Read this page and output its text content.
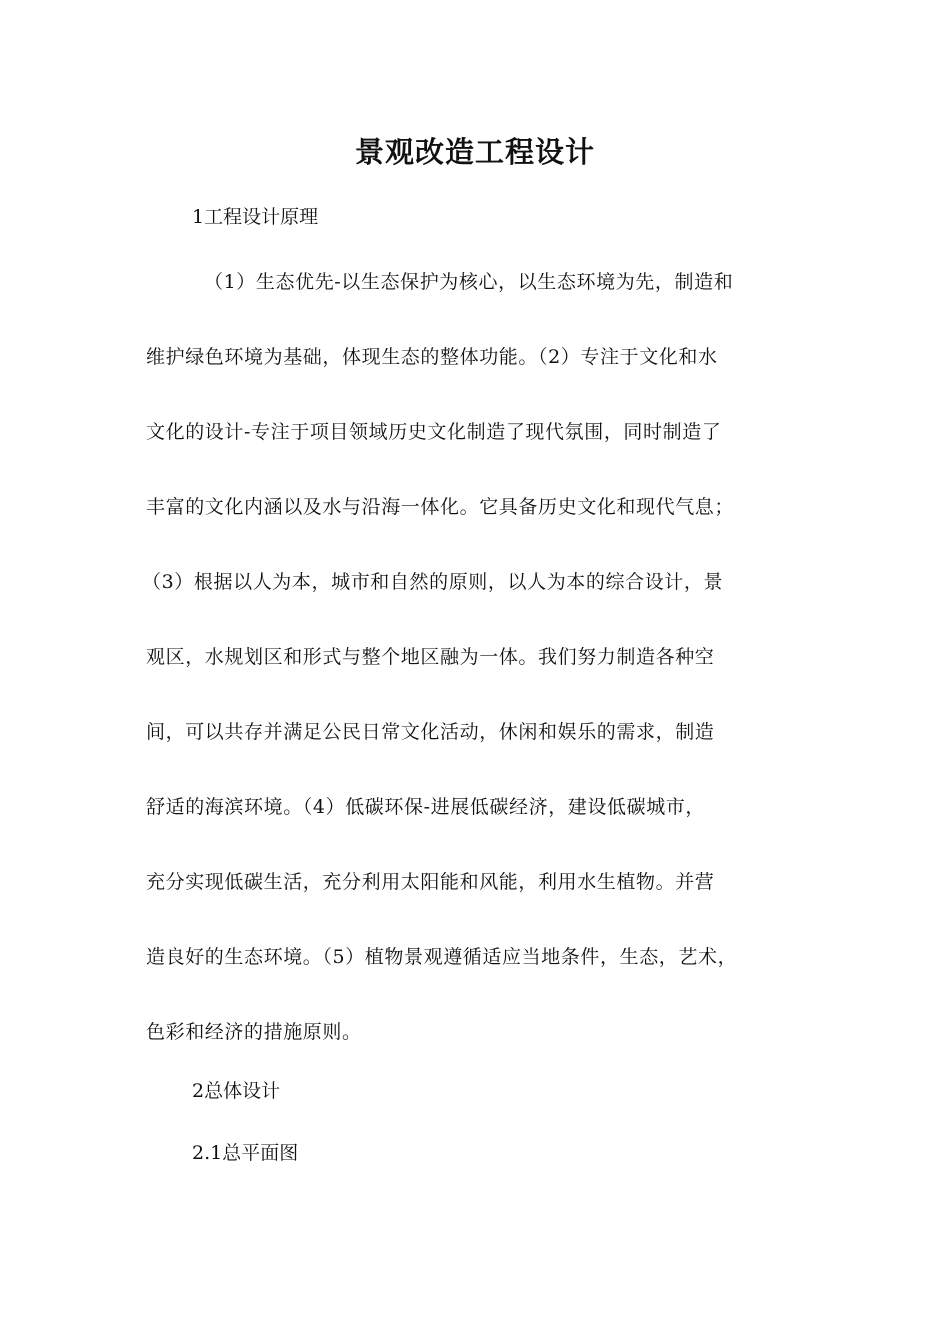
景观改造工程设计

1工程设计原理

（1）生态优先-以生态保护为核心，以生态环境为先，制造和
维护绿色环境为基础，体现生态的整体功能。（2）专注于文化和水
文化的设计-专注于项目领域历史文化制造了现代氛围，同时制造了
丰富的文化内涵以及水与沿海一体化。它具备历史文化和现代气息；
（3）根据以人为本，城市和自然的原则，以人为本的综合设计，景
观区，水规划区和形式与整个地区融为一体。我们努力制造各种空
间，可以共存并满足公民日常文化活动，休闲和娱乐的需求，制造
舒适的海滨环境。（4）低碳环保-进展低碳经济，建设低碳城市，
充分实现低碳生活，充分利用太阳能和风能，利用水生植物。并营
造良好的生态环境。（5）植物景观遵循适应当地条件，生态，艺术，
色彩和经济的措施原则。

2总体设计

2.1总平面图
